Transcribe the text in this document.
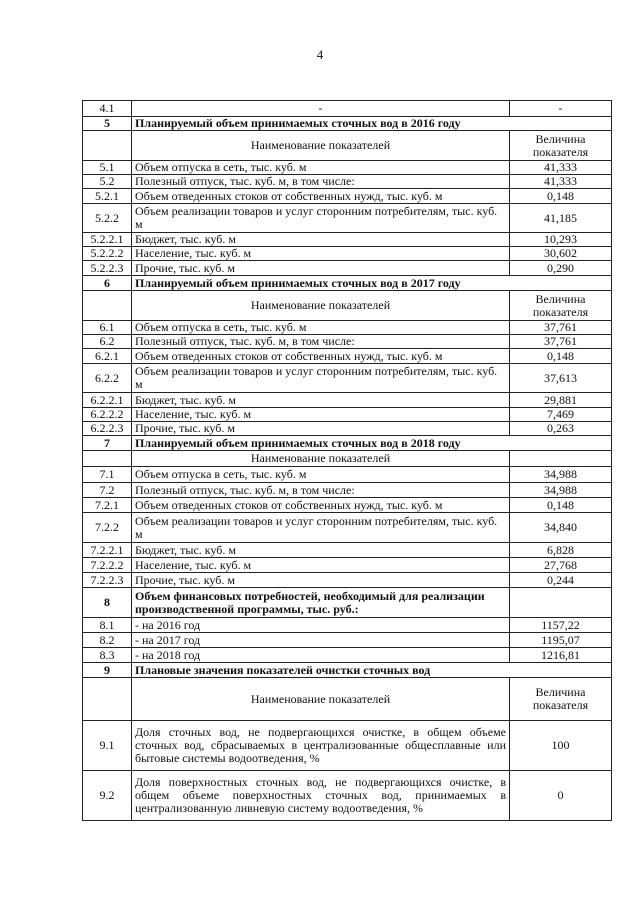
4
4.1	-	-
5	Планируемый объем принимаемых сточных вод в 2016 году	
	Наименование показателей	Величина показателя
5.1	Объем отпуска в сеть, тыс. куб. м	41,333
5.2	Полезный отпуск, тыс. куб. м, в том числе:	41,333
5.2.1	Объем отведенных стоков от собственных нужд, тыс. куб. м	0,148
5.2.2	Объем реализации товаров и услуг сторонним потребителям, тыс. куб. м	41,185
5.2.2.1	Бюджет, тыс. куб. м	10,293
5.2.2.2	Население, тыс. куб. м	30,602
5.2.2.3	Прочие, тыс. куб. м	0,290
6	Планируемый объем принимаемых сточных вод в 2017 году	
	Наименование показателей	Величина показателя
6.1	Объем отпуска в сеть, тыс. куб. м	37,761
6.2	Полезный отпуск, тыс. куб. м, в том числе:	37,761
6.2.1	Объем отведенных стоков от собственных нужд, тыс. куб. м	0,148
6.2.2	Объем реализации товаров и услуг сторонним потребителям, тыс. куб. м	37,613
6.2.2.1	Бюджет, тыс. куб. м	29,881
6.2.2.2	Население, тыс. куб. м	7,469
6.2.2.3	Прочие, тыс. куб. м	0,263
7	Планируемый объем принимаемых сточных вод в 2018 году	
	Наименование показателей	
7.1	Объем отпуска в сеть, тыс. куб. м	34,988
7.2	Полезный отпуск, тыс. куб. м, в том числе:	34,988
7.2.1	Объем отведенных стоков от собственных нужд, тыс. куб. м	0,148
7.2.2	Объем реализации товаров и услуг сторонним потребителям, тыс. куб. м	34,840
7.2.2.1	Бюджет, тыс. куб. м	6,828
7.2.2.2	Население, тыс. куб. м	27,768
7.2.2.3	Прочие, тыс. куб. м	0,244
8	Объем финансовых потребностей, необходимый для реализации производственной программы, тыс. руб.:	
8.1	- на 2016 год	1157,22
8.2	- на 2017 год	1195,07
8.3	- на 2018 год	1216,81
9	Плановые значения показателей очистки сточных вод	
	Наименование показателей	Величина показателя
9.1	Доля сточных вод, не подвергающихся очистке, в общем объеме сточных вод, сбрасываемых в централизованные общесплавные или бытовые системы водоотведения, %	100
9.2	Доля поверхностных сточных вод, не подвергающихся очистке, в общем объеме поверхностных сточных вод, принимаемых в централизованную ливневую систему водоотведения, %	0
